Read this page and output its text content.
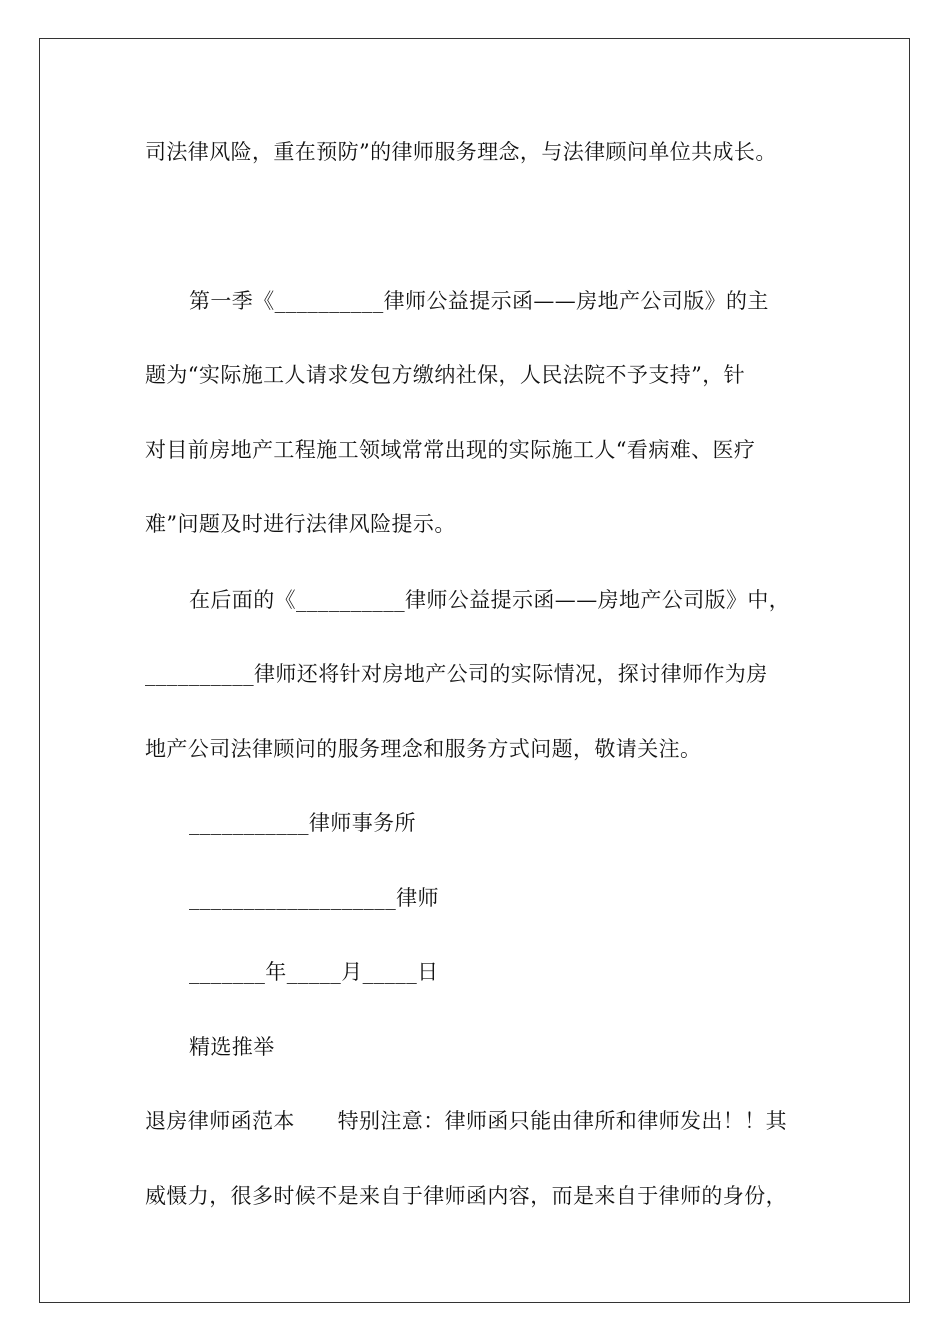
司法律风险，重在预防”的律师服务理念，与法律顾问单位共成长。

第一季《__________律师公益提示函——房地产公司版》的主

题为“实际施工人请求发包方缴纳社保，人民法院不予支持”，针

对目前房地产工程施工领域常常出现的实际施工人“看病难、医疗

难”问题及时进行法律风险提示。

在后面的《__________律师公益提示函——房地产公司版》中，

__________律师还将针对房地产公司的实际情况，探讨律师作为房

地产公司法律顾问的服务理念和服务方式问题，敬请关注。

___________律师事务所

___________________律师

_______年_____月_____日

精选推举

退房律师函范本　　特别注意：律师函只能由律所和律师发出！！其

威慑力，很多时候不是来自于律师函内容，而是来自于律师的身份，
